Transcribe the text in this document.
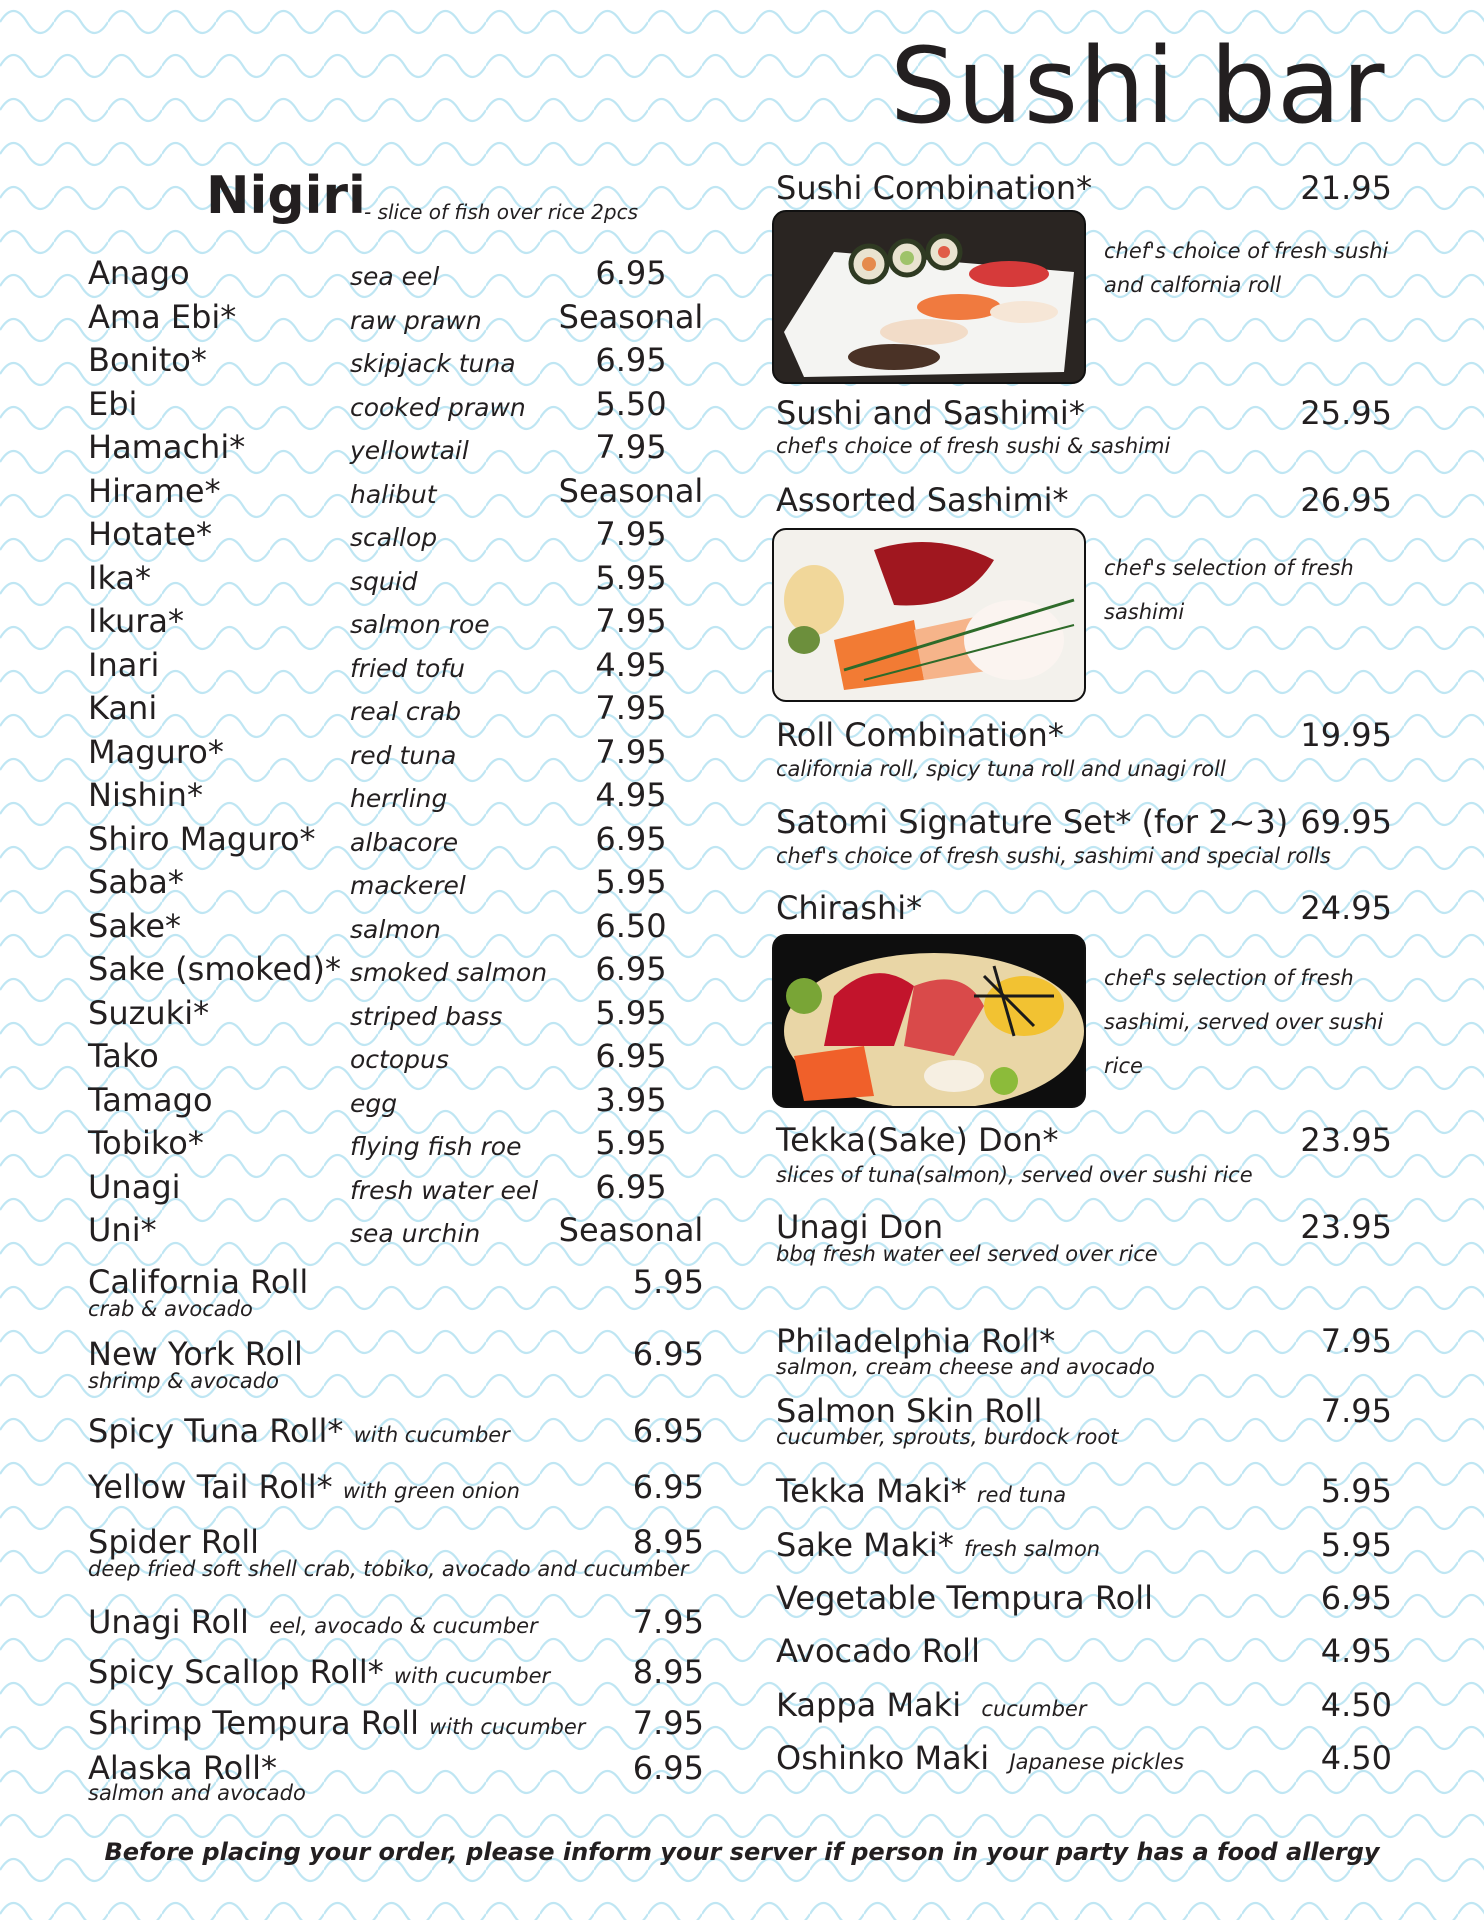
Sushi bar
Nigiri
- slice of fish over rice 2pcs
Anago	sea eel	6.95
Ama Ebi*	raw prawn Seasonal
Bonito*	skipjack tuna	6.95
Ebi	cooked prawn	5.50
Hamachi*	yellowtail	7.95
Hirame*	halibut	Seasonal
Hotate*	scallop	7.95
Ika*	squid	5.95
Ikura*	salmon roe	7.95
Inari	fried tofu	4.95
Kani	real crab	7.95
Maguro*	red tuna	7.95
Nishin*	herrling	4.95
Shiro Maguro* albacore	6.95
Saba*	mackerel	5.95
Sake*	salmon	6.50
Sake (smoked)* smoked salmon	6.95
Suzuki*	striped bass	5.95
Tako	octopus	6.95
Tamago	egg	3.95
Tobiko*	flying fish roe	5.95
Unagi	fresh water eel	6.95
Uni*	sea urchin Seasonal
California Roll	5.95
crab & avocado
New York Roll	6.95
shrimp & avocado
Spicy Tuna Roll* with cucumber	6.95
Yellow Tail Roll* with green onion	6.95
Spider Roll	8.95
deep fried soft shell crab, tobiko, avocado and cucumber
Unagi Roll eel, avocado & cucumber	7.95
Spicy Scallop Roll* with cucumber	8.95
Shrimp Tempura Roll with cucumber 7.95
Alaska Roll*	6.95
salmon and avocado
Sushi Combination*	21.95
chef's choice of fresh sushi and calfornia roll
Sushi and Sashimi*	25.95
chef's choice of fresh sushi & sashimi
Assorted Sashimi*	26.95
chef's selection of fresh sashimi
Roll Combination*	19.95
california roll, spicy tuna roll and unagi roll
Satomi Signature Set* (for 2~3) 69.95
chef's choice of fresh sushi, sashimi and special rolls
Chirashi*	24.95
chef's selection of fresh sashimi, served over sushi rice
Tekka(Sake) Don*	23.95
slices of tuna(salmon), served over sushi rice
Unagi Don	23.95
bbq fresh water eel served over rice
Philadelphia Roll*	7.95
salmon, cream cheese and avocado
Salmon Skin Roll	7.95
cucumber, sprouts, burdock root
Tekka Maki* red tuna	5.95
Sake Maki* fresh salmon	5.95
Vegetable Tempura Roll	6.95
Avocado Roll	4.95
Kappa Maki cucumber	4.50
Oshinko Maki Japanese pickles	4.50
Before placing your order, please inform your server if person in your party has a food allergy
